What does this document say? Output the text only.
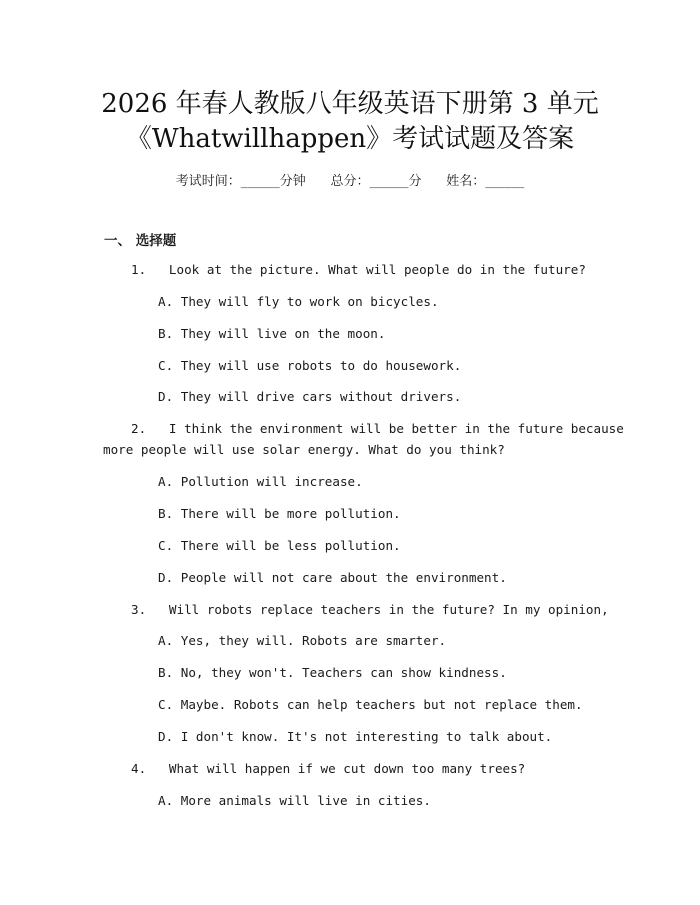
2026 年春人教版八年级英语下册第 3 单元
《Whatwillhappen》考试试题及答案
考试时间：______分钟      总分：______分      姓名：______
一、 选择题
1.   Look at the picture. What will people do in the future?
A. They will fly to work on bicycles.
B. They will live on the moon.
C. They will use robots to do housework.
D. They will drive cars without drivers.
2.   I think the environment will be better in the future because
more people will use solar energy. What do you think?
A. Pollution will increase.
B. There will be more pollution.
C. There will be less pollution.
D. People will not care about the environment.
3.   Will robots replace teachers in the future? In my opinion,
A. Yes, they will. Robots are smarter.
B. No, they won't. Teachers can show kindness.
C. Maybe. Robots can help teachers but not replace them.
D. I don't know. It's not interesting to talk about.
4.   What will happen if we cut down too many trees?
A. More animals will live in cities.
